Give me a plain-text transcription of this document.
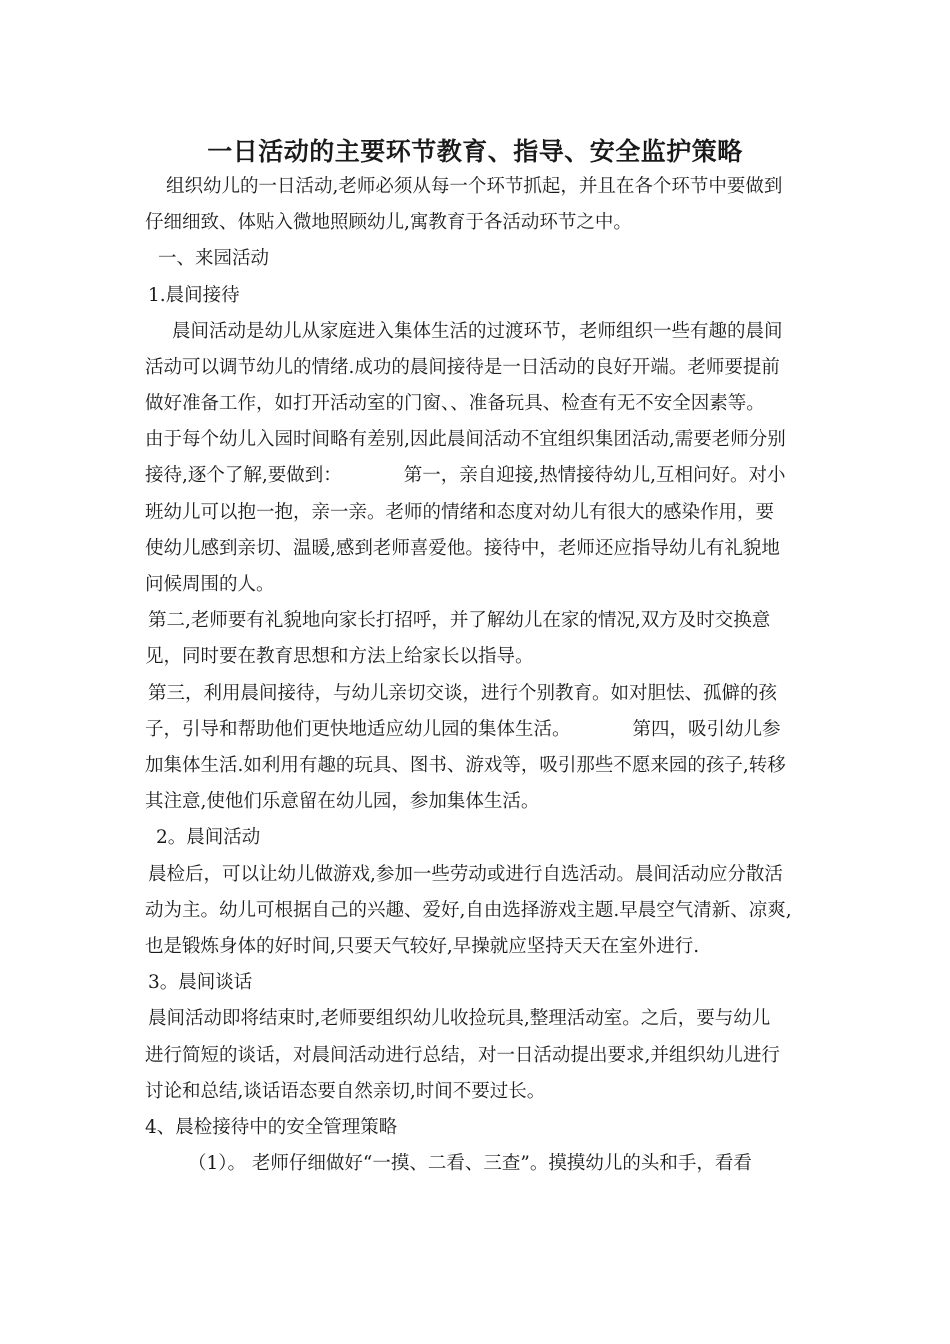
一日活动的主要环节教育、指导、安全监护策略
组织幼儿的一日活动,老师必须从每一个环节抓起，并且在各个环节中要做到
仔细细致、体贴入微地照顾幼儿,寓教育于各活动环节之中。
一、来园活动
1.晨间接待
晨间活动是幼儿从家庭进入集体生活的过渡环节，老师组织一些有趣的晨间
活动可以调节幼儿的情绪.成功的晨间接待是一日活动的良好开端。老师要提前
做好准备工作，如打开活动室的门窗、、准备玩具、检查有无不安全因素等。
由于每个幼儿入园时间略有差别,因此晨间活动不宜组织集团活动,需要老师分别
接待,逐个了解,要做到：	第一，亲自迎接,热情接待幼儿,互相问好。对小
班幼儿可以抱一抱，亲一亲。老师的情绪和态度对幼儿有很大的感染作用，要
使幼儿感到亲切、温暖,感到老师喜爱他。接待中，老师还应指导幼儿有礼貌地
问候周围的人。
第二,老师要有礼貌地向家长打招呼，并了解幼儿在家的情况,双方及时交换意
见，同时要在教育思想和方法上给家长以指导。
第三，利用晨间接待，与幼儿亲切交谈，进行个别教育。如对胆怯、孤僻的孩
子，引导和帮助他们更快地适应幼儿园的集体生活。	第四，吸引幼儿参
加集体生活.如利用有趣的玩具、图书、游戏等，吸引那些不愿来园的孩子,转移
其注意,使他们乐意留在幼儿园，参加集体生活。
2。晨间活动
晨检后，可以让幼儿做游戏,参加一些劳动或进行自选活动。晨间活动应分散活
动为主。幼儿可根据自己的兴趣、爱好,自由选择游戏主题.早晨空气清新、凉爽,
也是锻炼身体的好时间,只要天气较好,早操就应坚持天天在室外进行.
3。晨间谈话
晨间活动即将结束时,老师要组织幼儿收捡玩具,整理活动室。之后，要与幼儿
进行简短的谈话，对晨间活动进行总结，对一日活动提出要求,并组织幼儿进行
讨论和总结,谈话语态要自然亲切,时间不要过长。
4、晨检接待中的安全管理策略
（1）。 老师仔细做好“一摸、二看、三查”。摸摸幼儿的头和手，看看
